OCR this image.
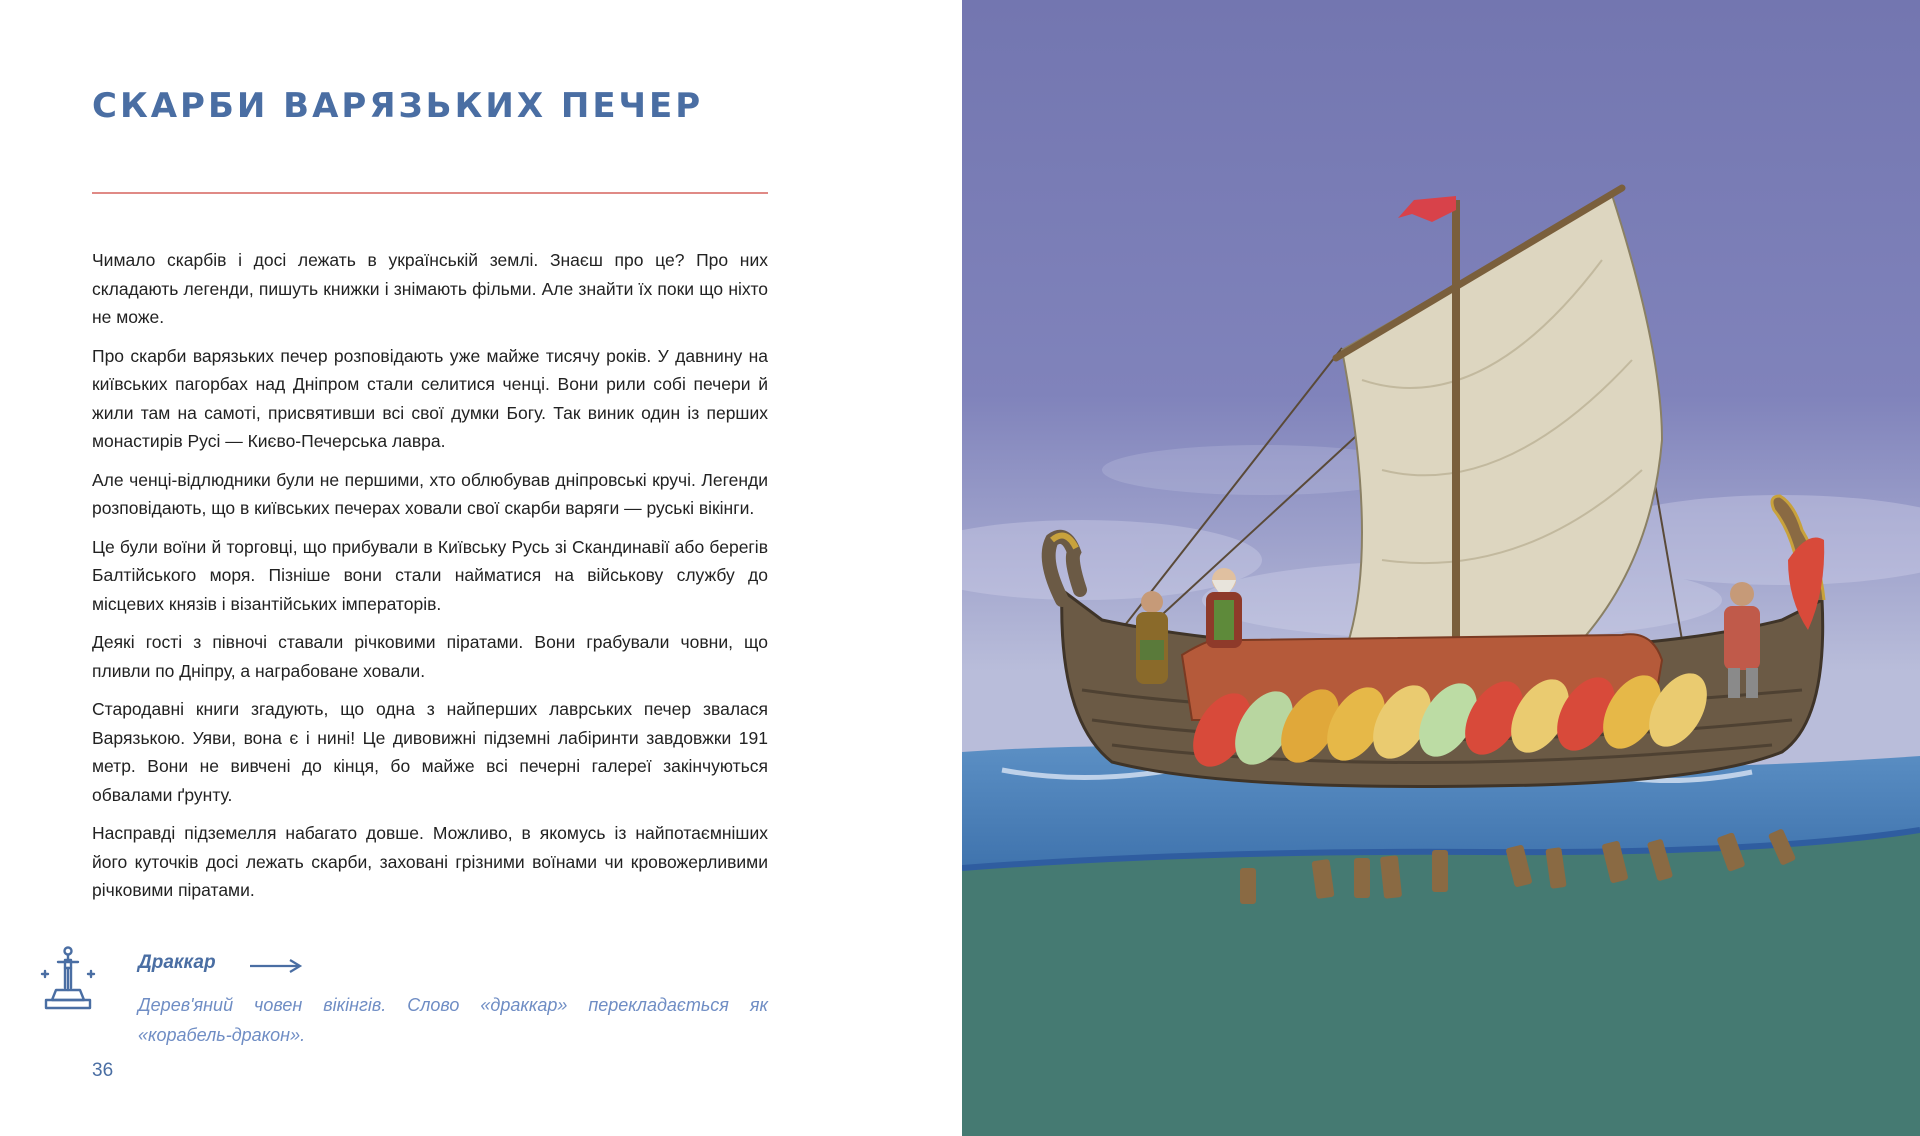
СКАРБИ ВАРЯЗЬКИХ ПЕЧЕР

Чимало скарбів і досі лежать в українській землі. Знаєш про це? Про них складають легенди, пишуть книжки і знімають фільми. Але знайти їх поки що ніхто не може.

Про скарби варязьких печер розповідають уже майже тисячу років. У давнину на київських пагорбах над Дніпром стали селитися ченці. Вони рили собі печери й жили там на самоті, присвятивши всі свої думки Богу. Так виник один із перших монастирів Русі — Києво-Печерська лавра.

Але ченці-відлюдники були не першими, хто облюбував дніпровські кручі. Легенди розповідають, що в київських печерах ховали свої скарби варяги — руські вікінги.

Це були воїни й торговці, що прибували в Київську Русь зі Скандинавії або берегів Балтійського моря. Пізніше вони стали найматися на військову службу до місцевих князів і візантійських імператорів.

Деякі гості з півночі ставали річковими піратами. Вони грабували човни, що пливли по Дніпру, а награбоване ховали.

Стародавні книги згадують, що одна з найперших лаврських печер звалася Варязькою. Уяви, вона є і нині! Це дивовижні підземні лабіринти завдовжки 191 метр. Вони не вивчені до кінця, бо майже всі печерні галереї закінчуються обвалами ґрунту.

Насправді підземелля набагато довше. Можливо, в якомусь із найпотаємніших його куточків досі лежать скарби, заховані грізними воїнами чи кровожерливими річковими піратами.

Драккар
Дерев'яний човен вікінгів. Слово «драккар» перекладається як «корабель-дракон».
36
